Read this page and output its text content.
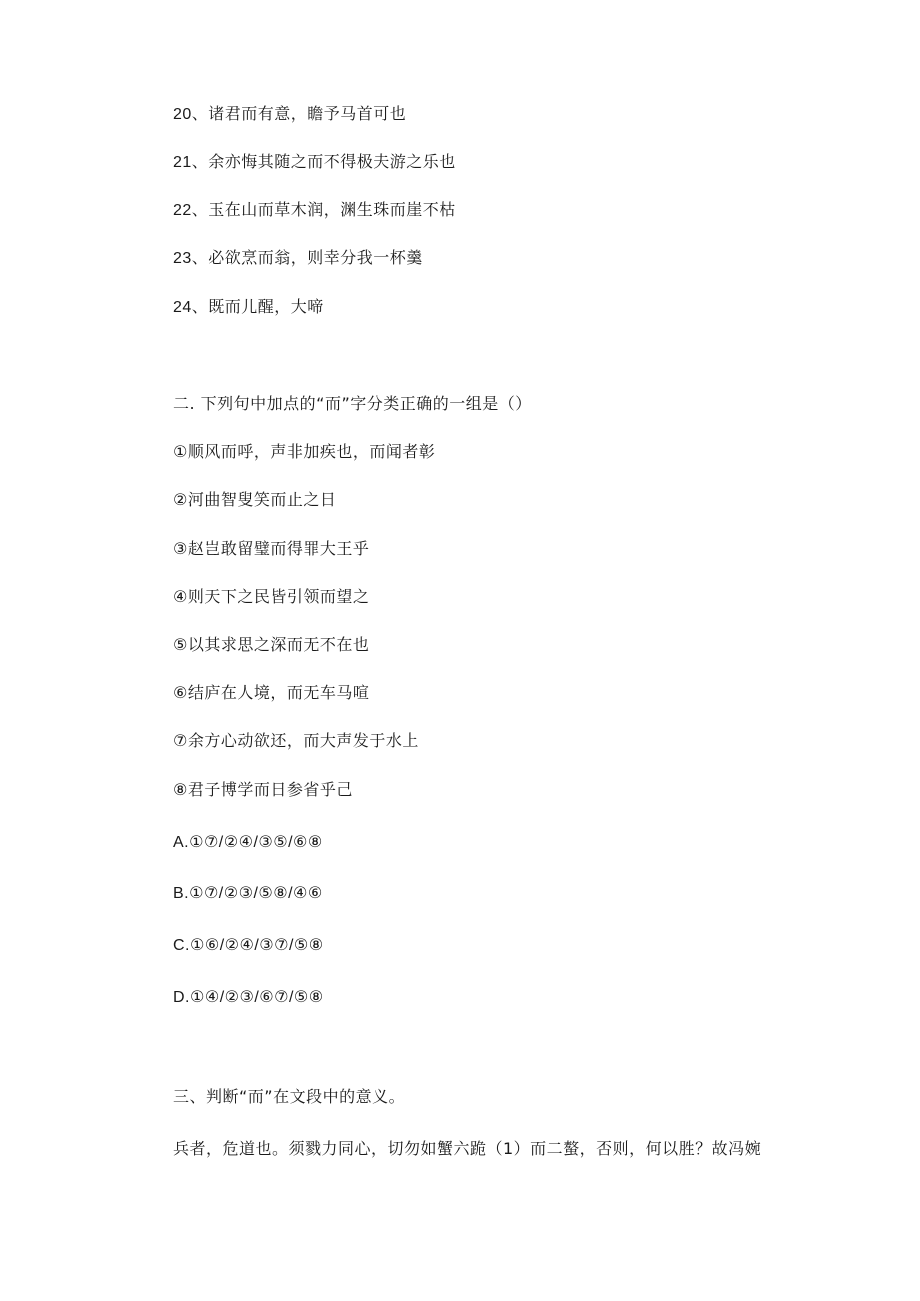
20、诸君而有意，瞻予马首可也
21、余亦悔其随之而不得极夫游之乐也
22、玉在山而草木润，渊生珠而崖不枯
23、必欲烹而翁，则幸分我一杯羹
24、既而儿醒，大啼
二. 下列句中加点的“而”字分类正确的一组是（）
①顺风而呼，声非加疾也，而闻者彰
②河曲智叟笑而止之日
③赵岂敢留璧而得罪大王乎
④则天下之民皆引领而望之
⑤以其求思之深而无不在也
⑥结庐在人境，而无车马喧
⑦余方心动欲还，而大声发于水上
⑧君子博学而日参省乎己
A.①⑦/②④/③⑤/⑥⑧
B.①⑦/②③/⑤⑧/④⑥
C.①⑥/②④/③⑦/⑤⑧
D.①④/②③/⑥⑦/⑤⑧
三、判断“而”在文段中的意义。
兵者，危道也。须戮力同心，切勿如蟹六跪（1）而二螯，否则，何以胜？故冯婉
